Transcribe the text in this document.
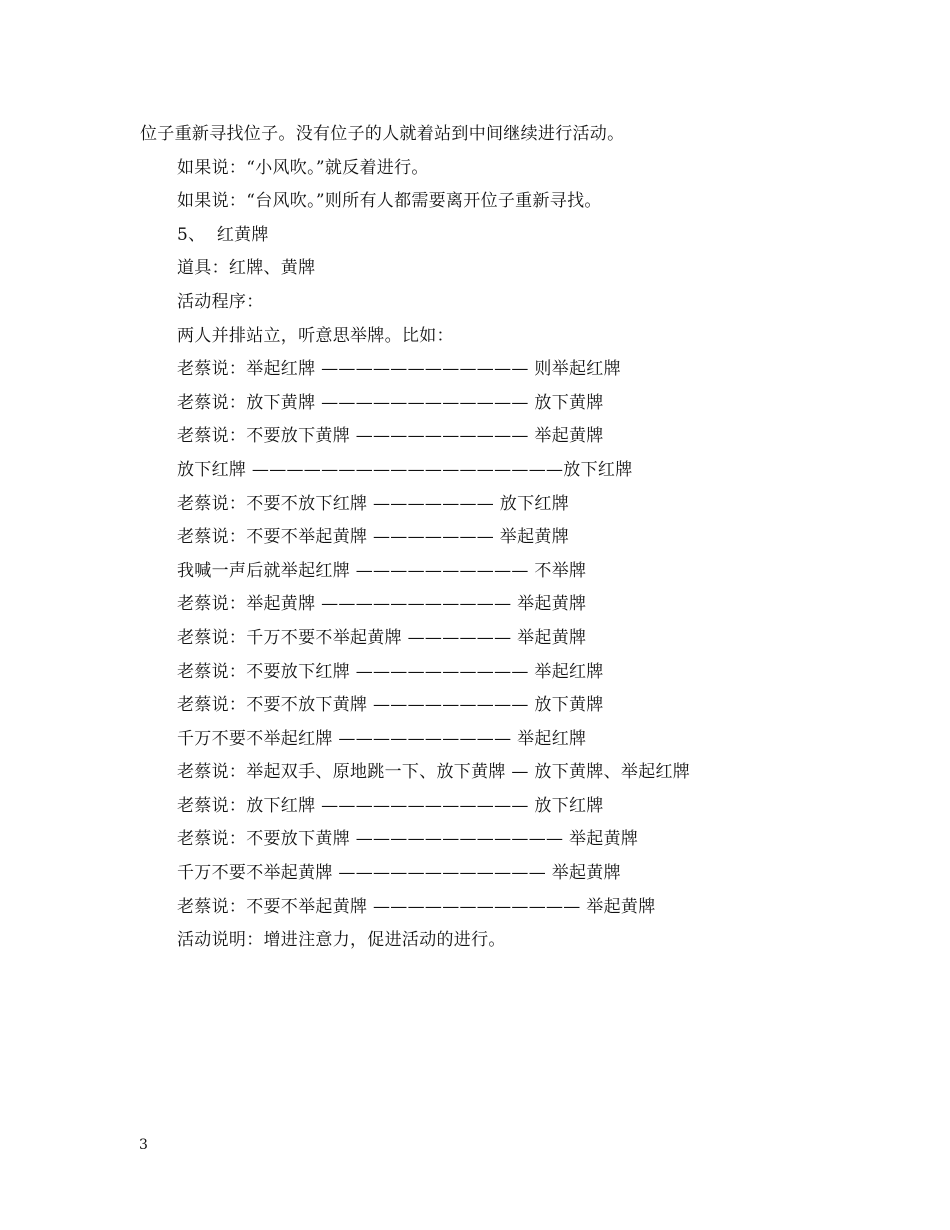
位子重新寻找位子。没有位子的人就着站到中间继续进行活动。
如果说：“小风吹。”就反着进行。
如果说：“台风吹。”则所有人都需要离开位子重新寻找。
5、  红黄牌
道具：红牌、黄牌
活动程序：
两人并排站立，听意思举牌。比如：
老蔡说：举起红牌 ———————————— 则举起红牌
老蔡说：放下黄牌 ———————————— 放下黄牌
老蔡说：不要放下黄牌 —————————— 举起黄牌
放下红牌 ——————————————————放下红牌
老蔡说：不要不放下红牌 ——————— 放下红牌
老蔡说：不要不举起黄牌 ——————— 举起黄牌
我喊一声后就举起红牌 —————————— 不举牌
老蔡说：举起黄牌 ——————————— 举起黄牌
老蔡说：千万不要不举起黄牌 —————— 举起黄牌
老蔡说：不要放下红牌 —————————— 举起红牌
老蔡说：不要不放下黄牌 ————————— 放下黄牌
千万不要不举起红牌 —————————— 举起红牌
老蔡说：举起双手、原地跳一下、放下黄牌 — 放下黄牌、举起红牌
老蔡说：放下红牌 ———————————— 放下红牌
老蔡说：不要放下黄牌 ———————————— 举起黄牌
千万不要不举起黄牌 ———————————— 举起黄牌
老蔡说：不要不举起黄牌 ———————————— 举起黄牌
活动说明：增进注意力，促进活动的进行。
3
